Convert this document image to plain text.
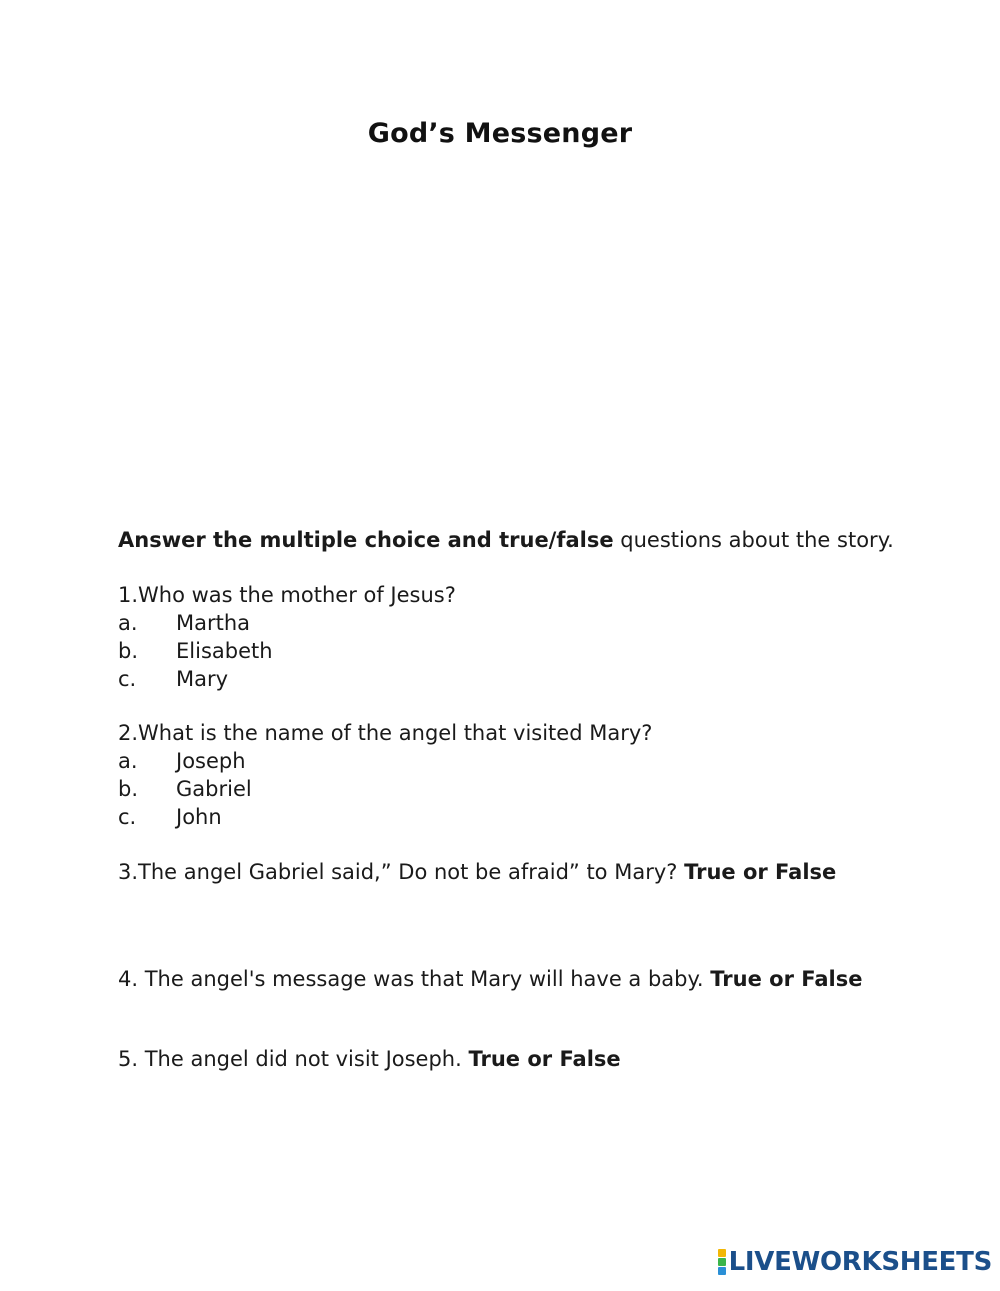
God’s Messenger

Answer the multiple choice and true/false questions about the story.

1.Who was the mother of Jesus?

a.	Martha
b.	Elisabeth
c.	Mary

2.What is the name of the angel that visited Mary?

a.	Joseph
b.	Gabriel
c.	John
3.The angel Gabriel said,” Do not be afraid” to Mary? True or False
4. The angel's message was that Mary will have a baby. True or False
5. The angel did not visit Joseph. True or False
LIVEWORKSHEETS
